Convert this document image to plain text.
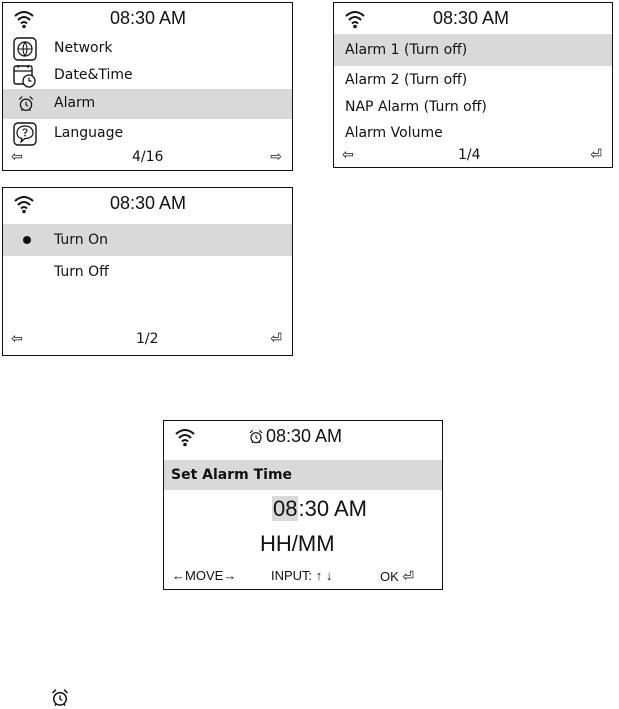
08:30 AM
Network
Date&Time
Alarm
Language
⇦	4/16	⇨
08:30 AM
Alarm 1 (Turn off)
Alarm 2 (Turn off)
NAP Alarm (Turn off)
Alarm Volume
⇦	1/4	⏎
08:30 AM
Turn On
Turn Off
⇦	1/2	⏎
08:30 AM
Set Alarm Time
08:30 AM
HH/MM
←MOVE→	INPUT: ↑ ↓	OK ⏎
